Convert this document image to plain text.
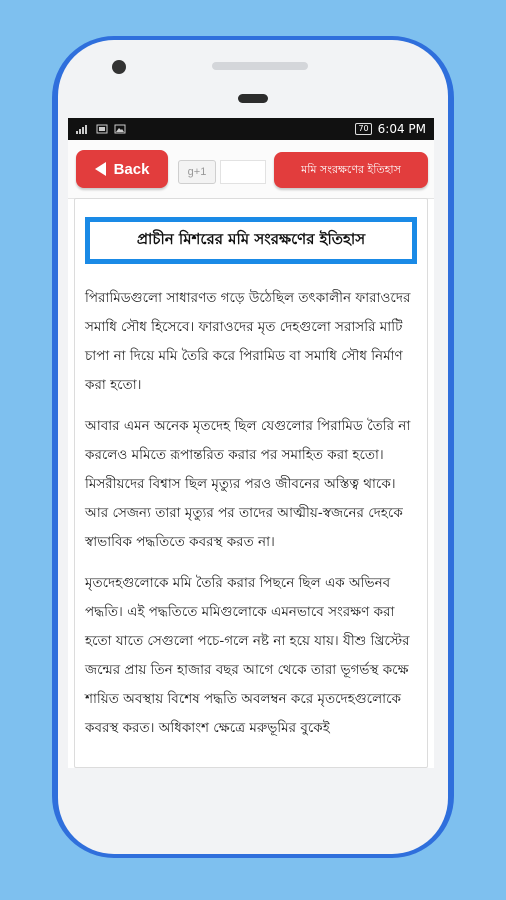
70 6:04 PM
Back	g+1	মমি সংরক্ষণের ইতিহাস
প্রাচীন মিশরের মমি সংরক্ষণের ইতিহাস

পিরামিডগুলো সাধারণত গড়ে উঠেছিল তৎকালীন ফারাওদের সমাধি সৌধ হিসেবে। ফারাওদের মৃত দেহগুলো সরাসরি মাটি চাপা না দিয়ে মমি তৈরি করে পিরামিড বা সমাধি সৌধ নির্মাণ করা হতো।

আবার এমন অনেক মৃতদেহ ছিল যেগুলোর পিরামিড তৈরি না করলেও মমিতে রূপান্তরিত করার পর সমাহিত করা হতো। মিসরীয়দের বিশ্বাস ছিল মৃত্যুর পরও জীবনের অস্তিত্ব থাকে। আর সেজন্য তারা মৃত্যুর পর তাদের আত্মীয়-স্বজনের দেহকে স্বাভাবিক পদ্ধতিতে কবরস্থ করত না।

মৃতদেহগুলোকে মমি তৈরি করার পিছনে ছিল এক অভিনব পদ্ধতি। এই পদ্ধতিতে মমিগুলোকে এমনভাবে সংরক্ষণ করা হতো যাতে সেগুলো পচে-গলে নষ্ট না হয়ে যায়। যীশু খ্রিস্টের জন্মের প্রায় তিন হাজার বছর আগে থেকে তারা ভূগর্ভস্থ কক্ষে শায়িত অবস্থায় বিশেষ পদ্ধতি অবলম্বন করে মৃতদেহগুলোকে কবরস্থ করত। অধিকাংশ ক্ষেত্রে মরুভূমির বুকেই
